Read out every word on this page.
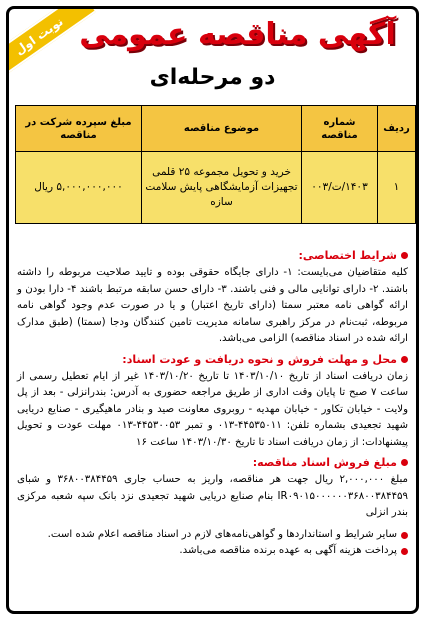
نوبت اول آگهی مناقصه عمومی
دو مرحله‌ای
ردیف	شماره مناقصه	موضوع مناقصه	مبلغ سپرده شرکت در مناقصه
۱	۱۴۰۳/ت/۰۰۳	خرید و تحویل مجموعه ۲۵ قلمی تجهیزات آزمایشگاهی پایش سلامت سازه	۵,۰۰۰,۰۰۰,۰۰۰ ریال
شرایط اختصاصی:

کلیه متقاضیان می‌بایست: ۱- دارای جایگاه حقوقی بوده و تایید صلاحیت مربوطه را داشته باشند. ۲- دارای توانایی مالی و فنی باشند. ۳- دارای حسن سابقه مرتبط باشند ۴- دارا بودن و ارائه گواهی نامه معتبر سمتا (دارای تاریخ اعتبار) و یا در صورت عدم وجود گواهی نامه مربوطه، ثبت‌نام در مرکز راهبری سامانه مدیریت تامین کنندگان ودجا (سمتا) (طبق مدارک ارائه شده در اسناد مناقصه) الزامی می‌باشد.

محل و مهلت فروش و نحوه دریافت و عودت اسناد:

زمان دریافت اسناد از تاریخ ۱۴۰۳/۱۰/۱۰ تا تاریخ ۱۴۰۳/۱۰/۲۰ غیر از ایام تعطیل رسمی از ساعت ۷ صبح تا پایان وقت اداری از طریق مراجعه حضوری به آدرس: بندرانزلی - بعد از پل ولایت - خیابان تکاور - خیابان مهدیه - روبروی معاونت صید و بنادر ماهیگیری - صنایع دریایی شهید تجعیدی بشماره تلفن: ۴۴۵۳۵۰۱۱-۰۱۳ و تمبر ۴۴۵۳۰۰۵۳-۰۱۳ مهلت عودت و تحویل پیشنهادات: از زمان دریافت اسناد تا تاریخ ۱۴۰۳/۱۰/۳۰ ساعت ۱۶

مبلغ فروش اسناد مناقصه:

مبلغ ۲,۰۰۰,۰۰۰ ریال جهت هر مناقصه، واریز به حساب جاری ۳۶۸۰۰۳۸۴۴۵۹ و شبای IR۰۹۰۱۵۰۰۰۰۰۰۳۶۸۰۰۳۸۴۴۵۹ بنام صنایع دریایی شهید تجعیدی نزد بانک سپه شعبه مرکزی بندر انزلی

سایر شرایط و استانداردها و گواهی‌نامه‌های لازم در اسناد مناقصه اعلام شده است.
پرداخت هزینه آگهی به عهده برنده مناقصه می‌باشد.
